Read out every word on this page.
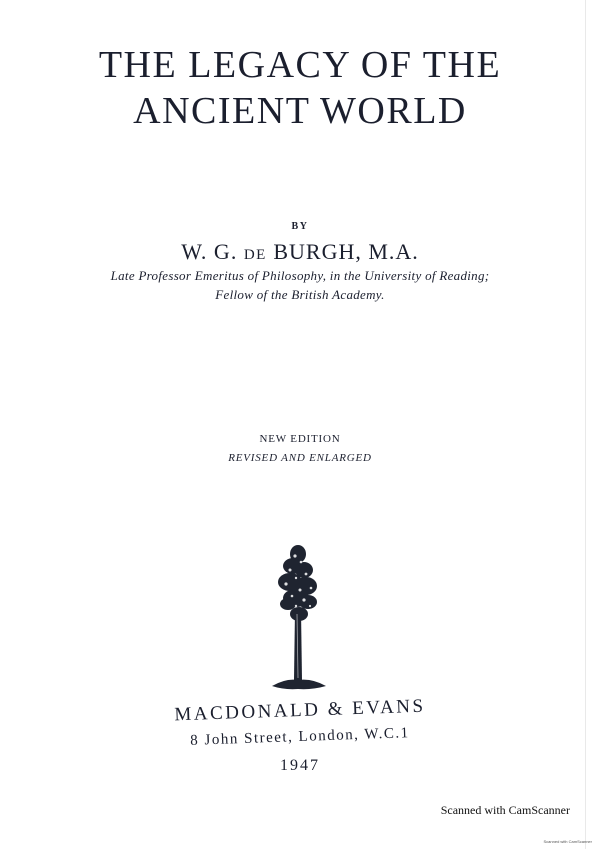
THE LEGACY OF THE
ANCIENT WORLD
BY
W. G. DE BURGH, M.A.
Late Professor Emeritus of Philosophy, in the University of Reading;
Fellow of the British Academy.
NEW EDITION
REVISED AND ENLARGED
MACDONALD & EVANS
8 John Street, London, W.C.1
1947
Scanned with CamScanner
Scanned with CamScanner
